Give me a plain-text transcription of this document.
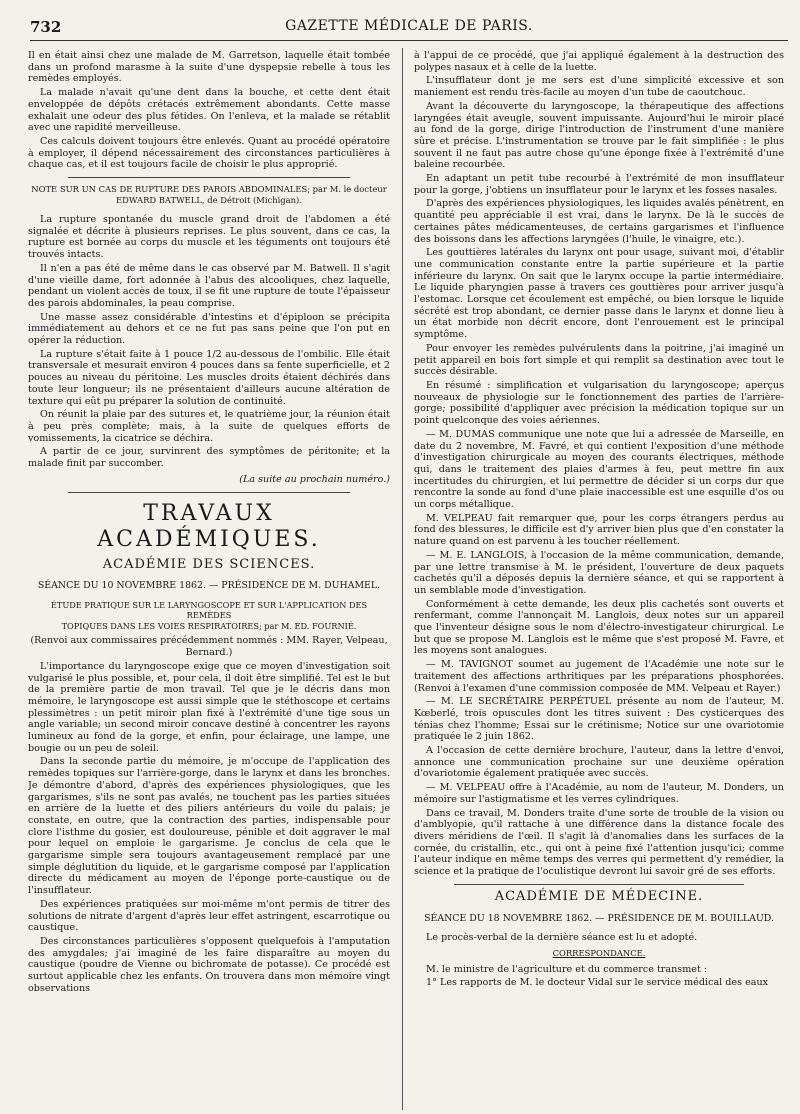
732	GAZETTE MÉDICALE DE PARIS.

Il en était ainsi chez une malade de M. Garretson, laquelle était tombée dans un profond marasme à la suite d'une dyspepsie rebelle à tous les remèdes employés.

La malade n'avait qu'une dent dans la bouche, et cette dent était enveloppée de dépôts crétacés extrêmement abondants. Cette masse exhalait une odeur des plus fétides. On l'enleva, et la malade se rétablit avec une rapidité merveilleuse.

Ces calculs doivent toujours être enlevés. Quant au procédé opératoire à employer, il dépend nécessairement des circonstances particulières à chaque cas, et il est toujours facile de choisir le plus approprié.

NOTE SUR UN CAS DE RUPTURE DES PAROIS ABDOMINALES; par M. le docteur
EDWARD BATWELL, de Détroit (Michigan).

La rupture spontanée du muscle grand droit de l'abdomen a été signalée et décrite à plusieurs reprises. Le plus souvent, dans ce cas, la rupture est bornée au corps du muscle et les téguments ont toujours été trouvés intacts.

Il n'en a pas été de même dans le cas observé par M. Batwell. Il s'agit d'une vieille dame, fort adonnée à l'abus des alcooliques, chez laquelle, pendant un violent accès de toux, il se fit une rupture de toute l'épaisseur des parois abdominales, la peau comprise.

Une masse assez considérable d'intestins et d'épiploon se précipita immédiatement au dehors et ce ne fut pas sans peine que l'on put en opérer la réduction.

La rupture s'était faite à 1 pouce 1/2 au-dessous de l'ombilic. Elle était transversale et mesurait environ 4 pouces dans sa fente superficielle, et 2 pouces au niveau du péritoine. Les muscles droits étaient déchirés dans toute leur longueur; ils ne présentaient d'ailleurs aucune altération de texture qui eût pu préparer la solution de continuité.

On réunit la plaie par des sutures et, le quatrième jour, la réunion était à peu près complète; mais, à la suite de quelques efforts de vomissements, la cicatrice se déchira.

A partir de ce jour, survinrent des symptômes de péritonite; et la malade finit par succomber.

(La suite au prochain numéro.)

TRAVAUX ACADÉMIQUES.
ACADÉMIE DES SCIENCES.

SÉANCE DU 10 NOVEMBRE 1862. — PRÉSIDENCE DE M. DUHAMEL.

ÉTUDE PRATIQUE SUR LE LARYNGOSCOPE ET SUR L'APPLICATION DES REMÈDES
TOPIQUES DANS LES VOIES RESPIRATOIRES; par M. ED. FOURNIÉ.

(Renvoi aux commissaires précédemment nommés : MM. Rayer, Velpeau, Bernard.)

L'importance du laryngoscope exige que ce moyen d'investigation soit vulgarisé le plus possible, et, pour cela, il doit être simplifié. Tel est le but de la première partie de mon travail. Tel que je le décris dans mon mémoire, le laryngoscope est aussi simple que le stéthoscope et certains plessimètres : un petit miroir plan fixé à l'extrémité d'une tige sous un angle variable; un second miroir concave destiné à concentrer les rayons lumineux au fond de la gorge, et enfin, pour éclairage, une lampe, une bougie ou un peu de soleil.

Dans la seconde partie du mémoire, je m'occupe de l'application des remèdes topiques sur l'arrière-gorge, dans le larynx et dans les bronches. Je démontre d'abord, d'après des expériences physiologiques, que les gargarismes, s'ils ne sont pas avalés, ne touchent pas les parties situées en arrière de la luette et des piliers antérieurs du voile du palais; je constate, en outre, que la contraction des parties, indispensable pour clore l'isthme du gosier, est douloureuse, pénible et doit aggraver le mal pour lequel on emploie le gargarisme. Je conclus de cela que le gargarisme simple sera toujours avantageusement remplacé par une simple déglutition du liquide, et le gargarisme composé par l'application directe du médicament au moyen de l'éponge porte-caustique ou de l'insufflateur.

Des expériences pratiquées sur moi-même m'ont permis de titrer des solutions de nitrate d'argent d'après leur effet astringent, escarrotique ou caustique.

Des circonstances particulières s'opposent quelquefois à l'amputation des amygdales; j'ai imaginé de les faire disparaître au moyen du caustique (poudre de Vienne ou bichromate de potasse). Ce procédé est surtout applicable chez les enfants. On trouvera dans mon mémoire vingt observations

à l'appui de ce procédé, que j'ai appliqué également à la destruction des polypes nasaux et à celle de la luette.

L'insufflateur dont je me sers est d'une simplicité excessive et son maniement est rendu très-facile au moyen d'un tube de caoutchouc.

Avant la découverte du laryngoscope, la thérapeutique des affections laryngées était aveugle, souvent impuissante. Aujourd'hui le miroir placé au fond de la gorge, dirige l'introduction de l'instrument d'une manière sûre et précise. L'instrumentation se trouve par le fait simplifiée : le plus souvent il ne faut pas autre chose qu'une éponge fixée à l'extrémité d'une baleine recourbée.

En adaptant un petit tube recourbé à l'extrémité de mon insufflateur pour la gorge, j'obtiens un insufflateur pour le larynx et les fosses nasales.

D'après des expériences physiologiques, les liquides avalés pénètrent, en quantité peu appréciable il est vrai, dans le larynx. De là le succès de certaines pâtes médicamenteuses, de certains gargarismes et l'influence des boissons dans les affections laryngées (l'huile, le vinaigre, etc.).

Les gouttières latérales du larynx ont pour usage, suivant moi, d'établir une communication constante entre la partie supérieure et la partie inférieure du larynx. On sait que le larynx occupe la partie intermédiaire. Le liquide pharyngien passe à travers ces gouttières pour arriver jusqu'à l'estomac. Lorsque cet écoulement est empêché, ou bien lorsque le liquide sécrété est trop abondant, ce dernier passe dans le larynx et donne lieu à un état morbide non décrit encore, dont l'enrouement est le principal symptôme.

Pour envoyer les remèdes pulvérulents dans la poitrine, j'ai imaginé un petit appareil en bois fort simple et qui remplit sa destination avec tout le succès désirable.

En résumé : simplification et vulgarisation du laryngoscope; aperçus nouveaux de physiologie sur le fonctionnement des parties de l'arrière-gorge; possibilité d'appliquer avec précision la médication topique sur un point quelconque des voies aériennes.

— M. DUMAS communique une note que lui a adressée de Marseille, en date du 2 novembre, M. Favré, et qui contient l'exposition d'une méthode d'investigation chirurgicale au moyen des courants électriques, méthode qui, dans le traitement des plaies d'armes à feu, peut mettre fin aux incertitudes du chirurgien, et lui permettre de décider si un corps dur que rencontre la sonde au fond d'une plaie inaccessible est une esquille d'os ou un corps métallique.

M. VELPEAU fait remarquer que, pour les corps étrangers perdus au fond des blessures, le difficile est d'y arriver bien plus que d'en constater la nature quand on est parvenu à les toucher réellement.

— M. E. LANGLOIS, à l'occasion de la même communication, demande, par une lettre transmise à M. le président, l'ouverture de deux paquets cachetés qu'il a déposés depuis la dernière séance, et qui se rapportent à un semblable mode d'investigation.

Conformément à cette demande, les deux plis cachetés sont ouverts et renfermant, comme l'annonçait M. Langlois, deux notes sur un appareil que l'inventeur désigne sous le nom d'électro-investigateur chirurgical. Le but que se propose M. Langlois est le même que s'est proposé M. Favre, et les moyens sont analogues.

— M. TAVIGNOT soumet au jugement de l'Académie une note sur le traitement des affections arthritiques par les préparations phosphorées. (Renvoi à l'examen d'une commission composée de MM. Velpeau et Rayer.)

— M. LE SECRÉTAIRE PERPÉTUEL présente au nom de l'auteur, M. Kœberlé, trois opuscules dont les titres suivent : Des cysticerques des ténias chez l'homme; Essai sur le crétinisme; Notice sur une ovariotomie pratiquée le 2 juin 1862.

A l'occasion de cette dernière brochure, l'auteur, dans la lettre d'envoi, annonce une communication prochaine sur une deuxième opération d'ovariotomie également pratiquée avec succès.

— M. VELPEAU offre à l'Académie, au nom de l'auteur, M. Donders, un mémoire sur l'astigmatisme et les verres cylindriques.

Dans ce travail, M. Donders traite d'une sorte de trouble de la vision ou d'amblyopie, qu'il rattache à une différence dans la distance focale des divers méridiens de l'œil. Il s'agit là d'anomalies dans les surfaces de la cornée, du cristallin, etc., qui ont à peine fixé l'attention jusqu'ici; comme l'auteur indique en même temps des verres qui permettent d'y remédier, la science et la pratique de l'oculistique devront lui savoir gré de ses efforts.

ACADÉMIE DE MÉDECINE.

SÉANCE DU 18 NOVEMBRE 1862. — PRÉSIDENCE DE M. BOUILLAUD.

Le procès-verbal de la dernière séance est lu et adopté.

CORRESPONDANCE.

M. le ministre de l'agriculture et du commerce transmet :

1° Les rapports de M. le docteur Vidal sur le service médical des eaux
